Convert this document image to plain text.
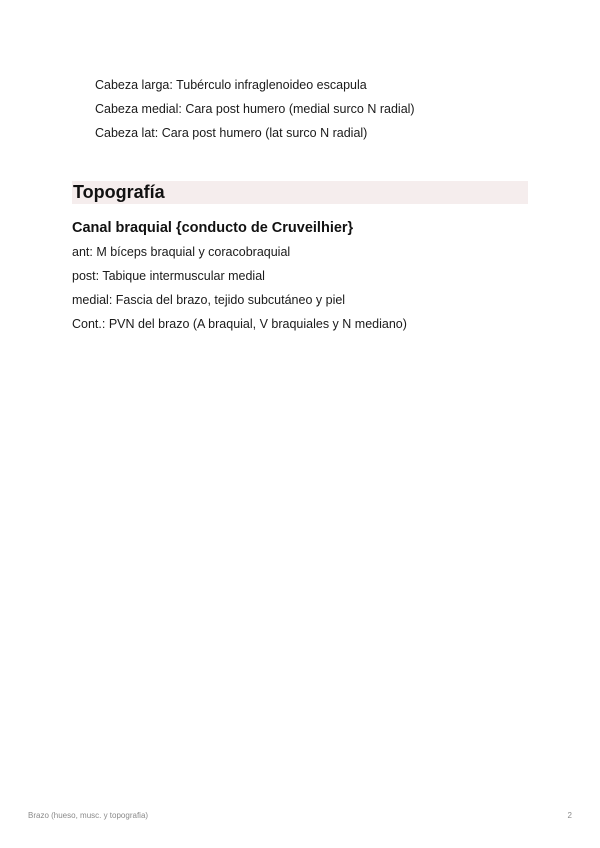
Cabeza larga: Tubérculo infraglenoideo escapula
Cabeza medial: Cara post humero (medial surco N radial)
Cabeza lat: Cara post humero (lat surco N radial)
Topografía
Canal braquial {conducto de Cruveilhier}
ant: M bíceps braquial y coracobraquial
post: Tabique intermuscular medial
medial: Fascia del brazo, tejido subcutáneo y piel
Cont.: PVN del brazo (A braquial, V braquiales y N mediano)
Brazo (hueso, musc. y topografia)	2
